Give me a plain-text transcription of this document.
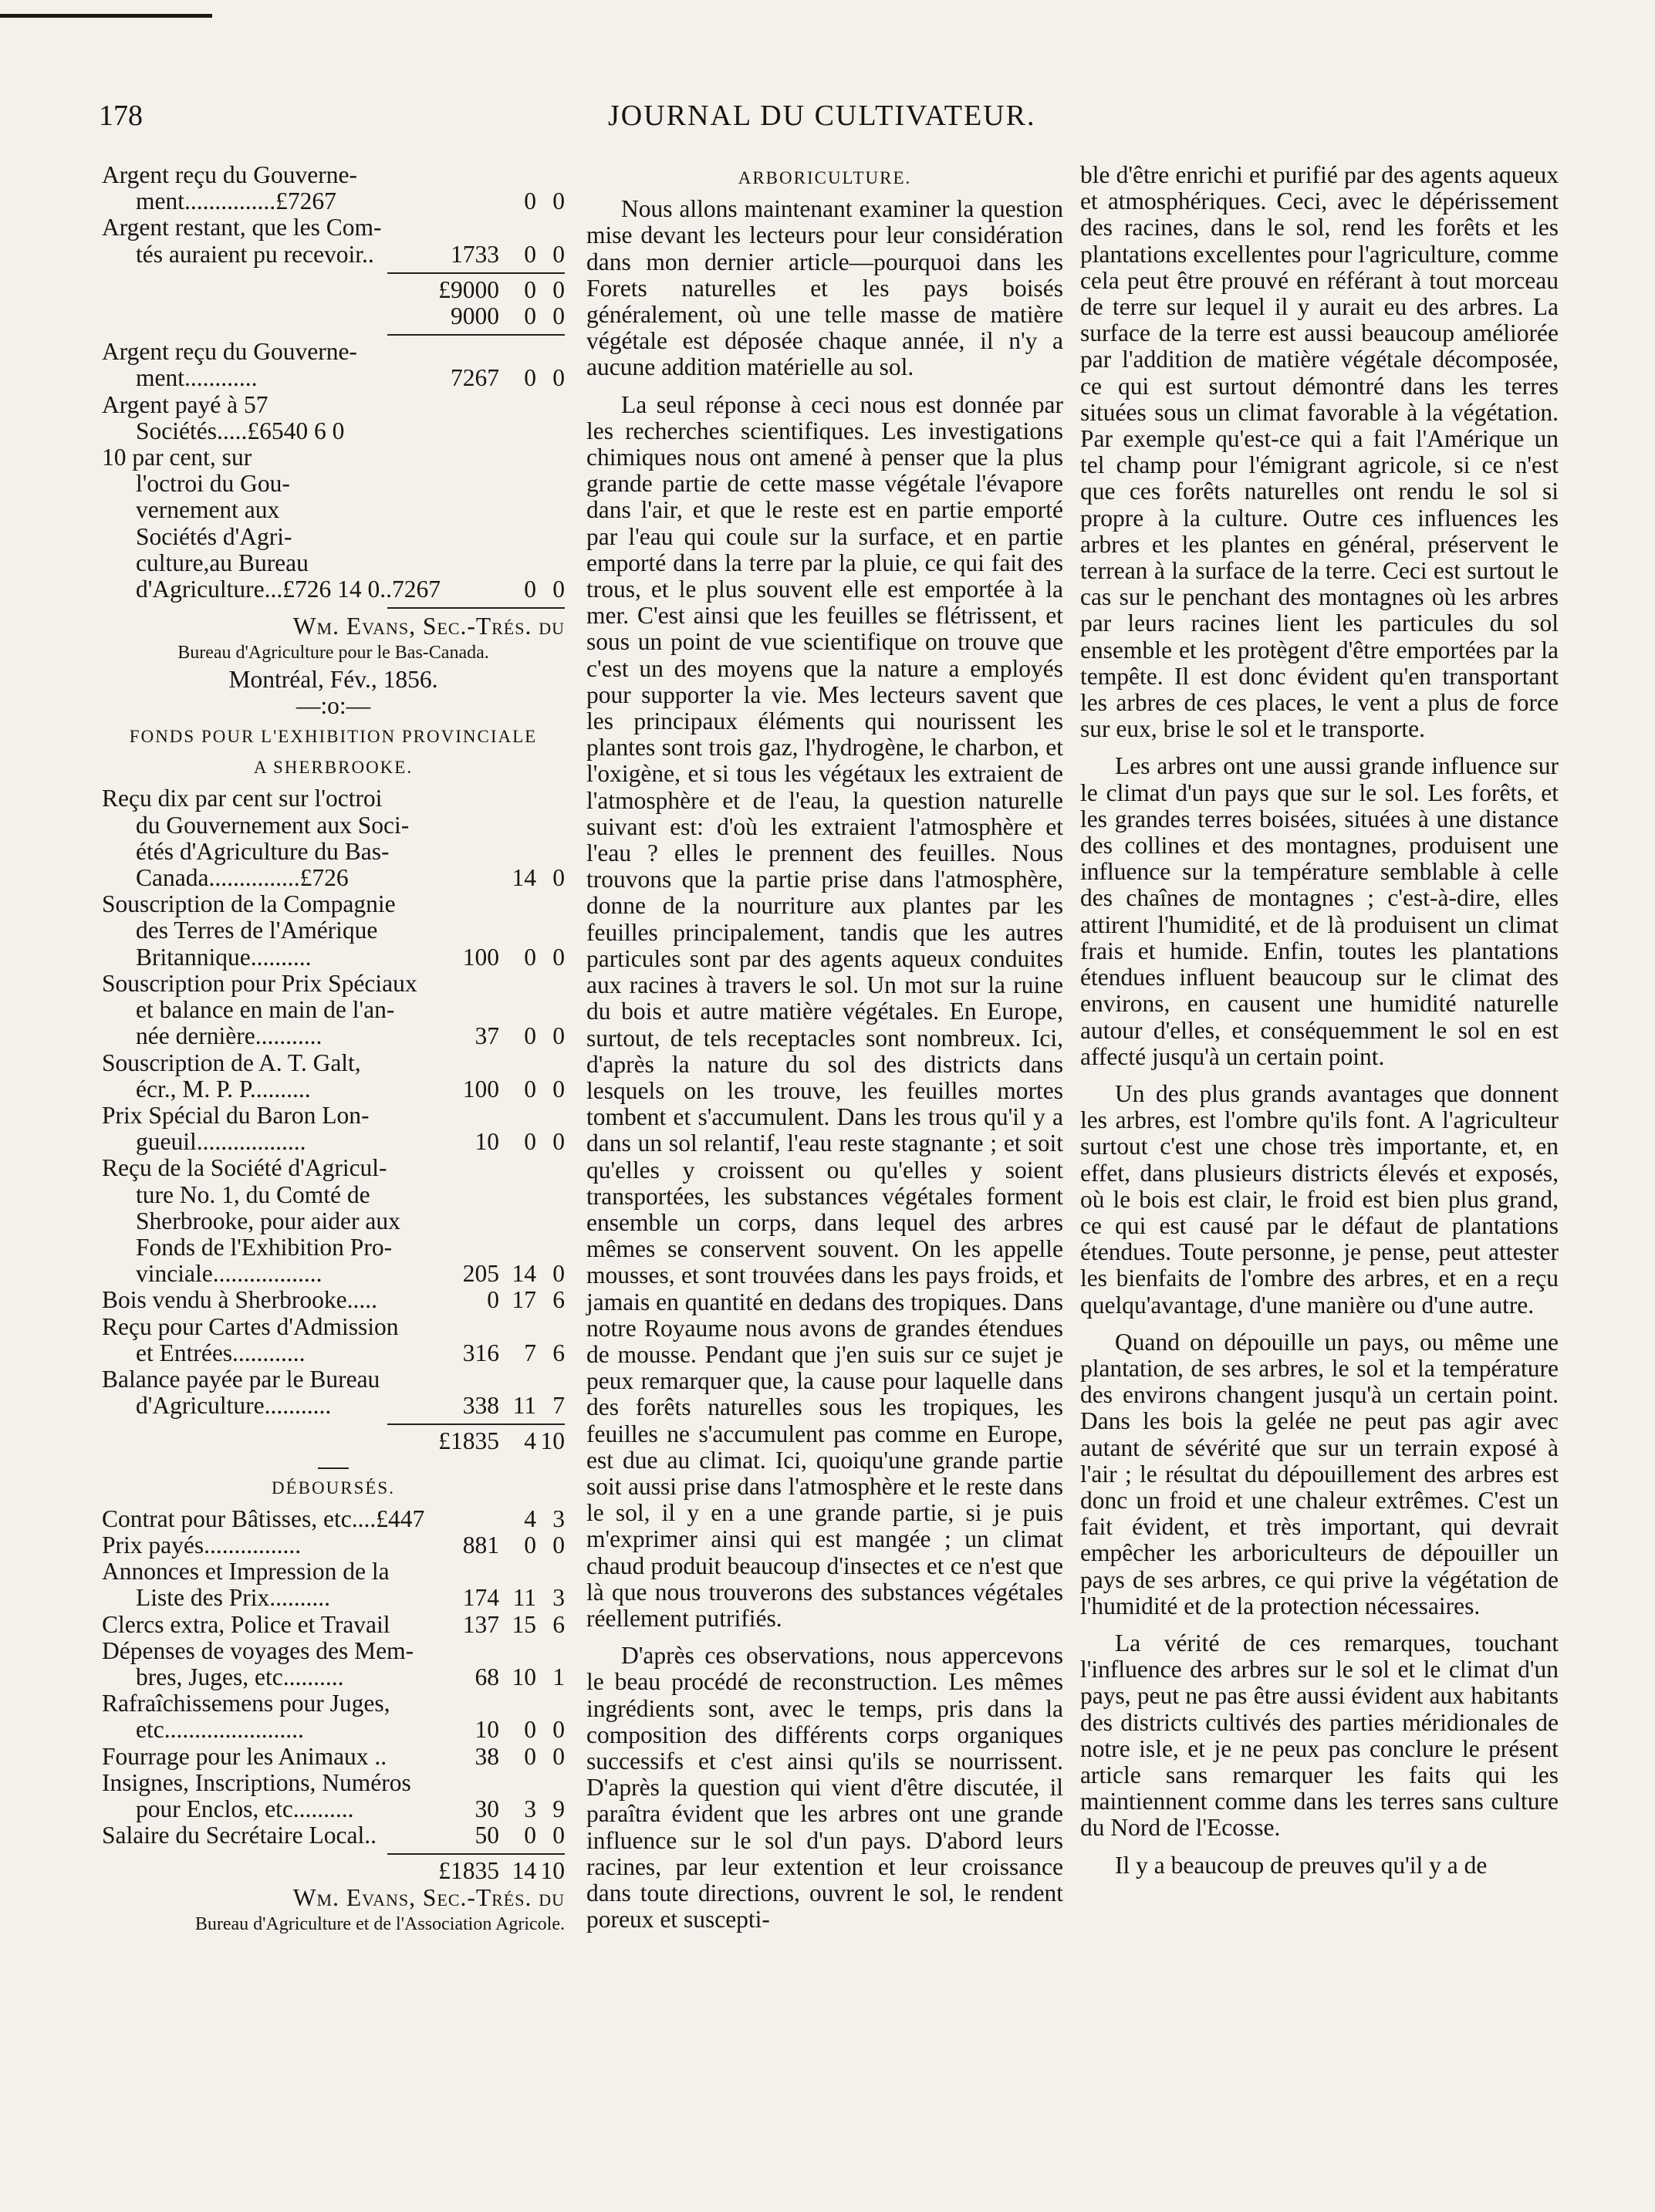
178	JOURNAL DU CULTIVATEUR.
Argent reçu du Gouverne-
ment...............£7267	0 0
Argent restant, que les Com-
tés auraient pu recevoir..	1733	0 0
£9000	0 0
9000	0 0
Argent reçu du Gouverne-
ment............	7267	0 0
Argent payé à 57
Sociétés.....£6540 6 0
10 par cent, sur
l'octroi du Gou-
vernement aux
Sociétés d'Agri-
culture,au Bureau
d'Agriculture...£726 14 0..7267	0 0
Wm. Evans, Sec.-Trés. du
Bureau d'Agriculture pour le Bas-Canada.
Montréal, Fév., 1856.
—:o:—
FONDS POUR L'EXHIBITION PROVINCIALE
A SHERBROOKE.
Reçu dix par cent sur l'octroi
du Gouvernement aux Soci-
étés d'Agriculture du Bas-
Canada...............£726	14 0
Souscription de la Compagnie
des Terres de l'Amérique
Britannique..........	100	0 0
Souscription pour Prix Spéciaux
et balance en main de l'an-
née dernière...........	37	0 0
Souscription de A. T. Galt,
écr., M. P. P..........	100	0 0
Prix Spécial du Baron Lon-
gueuil..................	10	0 0
Reçu de la Société d'Agricul-
ture No. 1, du Comté de
Sherbrooke, pour aider aux
Fonds de l'Exhibition Pro-
vinciale..................	205 14 0
Bois vendu à Sherbrooke.....	0 17 6
Reçu pour Cartes d'Admission
et Entrées............	316	7 6
Balance payée par le Bureau
d'Agriculture...........	338 11 7
£1835	4 10
DÉBOURSÉS.
Contrat pour Bâtisses, etc....£447	4 3
Prix payés................	881	0 0
Annonces et Impression de la
Liste des Prix..........	174 11 3
Clercs extra, Police et Travail	137 15 6
Dépenses de voyages des Mem-
bres, Juges, etc..........	68 10 1
Rafraîchissemens pour Juges,
etc.......................	10	0 0
Fourrage pour les Animaux ..	38	0 0
Insignes, Inscriptions, Numéros
pour Enclos, etc..........	30	3 9
Salaire du Secrétaire Local..	50	0 0
£1835 14 10
Wm. Evans, Sec.-Trés. du
Bureau d'Agriculture et de l'Association Agricole.
ARBORICULTURE.

Nous allons maintenant examiner la question mise devant les lecteurs pour leur considération dans mon dernier article—pourquoi dans les Forets naturelles et les pays boisés généralement, où une telle masse de matière végétale est déposée chaque année, il n'y a aucune addition matérielle au sol.

La seul réponse à ceci nous est donnée par les recherches scientifiques. Les investigations chimiques nous ont amené à penser que la plus grande partie de cette masse végétale l'évapore dans l'air, et que le reste est en partie emporté par l'eau qui coule sur la surface, et en partie emporté dans la terre par la pluie, ce qui fait des trous, et le plus souvent elle est emportée à la mer. C'est ainsi que les feuilles se flétrissent, et sous un point de vue scientifique on trouve que c'est un des moyens que la nature a employés pour supporter la vie. Mes lecteurs savent que les principaux éléments qui nourissent les plantes sont trois gaz, l'hydrogène, le charbon, et l'oxigène, et si tous les végétaux les extraient de l'atmosphère et de l'eau, la question naturelle suivant est: d'où les extraient l'atmosphère et l'eau ? elles le prennent des feuilles. Nous trouvons que la partie prise dans l'atmosphère, donne de la nourriture aux plantes par les feuilles principalement, tandis que les autres particules sont par des agents aqueux conduites aux racines à travers le sol. Un mot sur la ruine du bois et autre matière végétales. En Europe, surtout, de tels receptacles sont nombreux. Ici, d'après la nature du sol des districts dans lesquels on les trouve, les feuilles mortes tombent et s'accumulent. Dans les trous qu'il y a dans un sol relantif, l'eau reste stagnante ; et soit qu'elles y croissent ou qu'elles y soient transportées, les substances végétales forment ensemble un corps, dans lequel des arbres mêmes se conservent souvent. On les appelle mousses, et sont trouvées dans les pays froids, et jamais en quantité en dedans des tropiques. Dans notre Royaume nous avons de grandes étendues de mousse. Pendant que j'en suis sur ce sujet je peux remarquer que, la cause pour laquelle dans des forêts naturelles sous les tropiques, les feuilles ne s'accumulent pas comme en Europe, est due au climat. Ici, quoiqu'une grande partie soit aussi prise dans l'atmosphère et le reste dans le sol, il y en a une grande partie, si je puis m'exprimer ainsi qui est mangée ; un climat chaud produit beaucoup d'insectes et ce n'est que là que nous trouverons des substances végétales réellement putrifiés.

D'après ces observations, nous appercevons le beau procédé de reconstruction. Les mêmes ingrédients sont, avec le temps, pris dans la composition des différents corps organiques successifs et c'est ainsi qu'ils se nourrissent. D'après la question qui vient d'être discutée, il paraîtra évident que les arbres ont une grande influence sur le sol d'un pays. D'abord leurs racines, par leur extention et leur croissance dans toute directions, ouvrent le sol, le rendent poreux et suscepti-

ble d'être enrichi et purifié par des agents aqueux et atmosphériques. Ceci, avec le dépérissement des racines, dans le sol, rend les forêts et les plantations excellentes pour l'agriculture, comme cela peut être prouvé en référant à tout morceau de terre sur lequel il y aurait eu des arbres. La surface de la terre est aussi beaucoup améliorée par l'addition de matière végétale décomposée, ce qui est surtout démontré dans les terres situées sous un climat favorable à la végétation. Par exemple qu'est-ce qui a fait l'Amérique un tel champ pour l'émigrant agricole, si ce n'est que ces forêts naturelles ont rendu le sol si propre à la culture. Outre ces influences les arbres et les plantes en général, préservent le terrean à la surface de la terre. Ceci est surtout le cas sur le penchant des montagnes où les arbres par leurs racines lient les particules du sol ensemble et les protègent d'être emportées par la tempête. Il est donc évident qu'en transportant les arbres de ces places, le vent a plus de force sur eux, brise le sol et le transporte.

Les arbres ont une aussi grande influence sur le climat d'un pays que sur le sol. Les forêts, et les grandes terres boisées, situées à une distance des collines et des montagnes, produisent une influence sur la température semblable à celle des chaînes de montagnes ; c'est-à-dire, elles attirent l'humidité, et de là produisent un climat frais et humide. Enfin, toutes les plantations étendues influent beaucoup sur le climat des environs, en causent une humidité naturelle autour d'elles, et conséquemment le sol en est affecté jusqu'à un certain point.

Un des plus grands avantages que donnent les arbres, est l'ombre qu'ils font. A l'agriculteur surtout c'est une chose très importante, et, en effet, dans plusieurs districts élevés et exposés, où le bois est clair, le froid est bien plus grand, ce qui est causé par le défaut de plantations étendues. Toute personne, je pense, peut attester les bienfaits de l'ombre des arbres, et en a reçu quelqu'avantage, d'une manière ou d'une autre.

Quand on dépouille un pays, ou même une plantation, de ses arbres, le sol et la température des environs changent jusqu'à un certain point. Dans les bois la gelée ne peut pas agir avec autant de sévérité que sur un terrain exposé à l'air ; le résultat du dépouillement des arbres est donc un froid et une chaleur extrêmes. C'est un fait évident, et très important, qui devrait empêcher les arboriculteurs de dépouiller un pays de ses arbres, ce qui prive la végétation de l'humidité et de la protection nécessaires.

La vérité de ces remarques, touchant l'influence des arbres sur le sol et le climat d'un pays, peut ne pas être aussi évident aux habitants des districts cultivés des parties méridionales de notre isle, et je ne peux pas conclure le présent article sans remarquer les faits qui les maintiennent comme dans les terres sans culture du Nord de l'Ecosse.

Il y a beaucoup de preuves qu'il y a de
